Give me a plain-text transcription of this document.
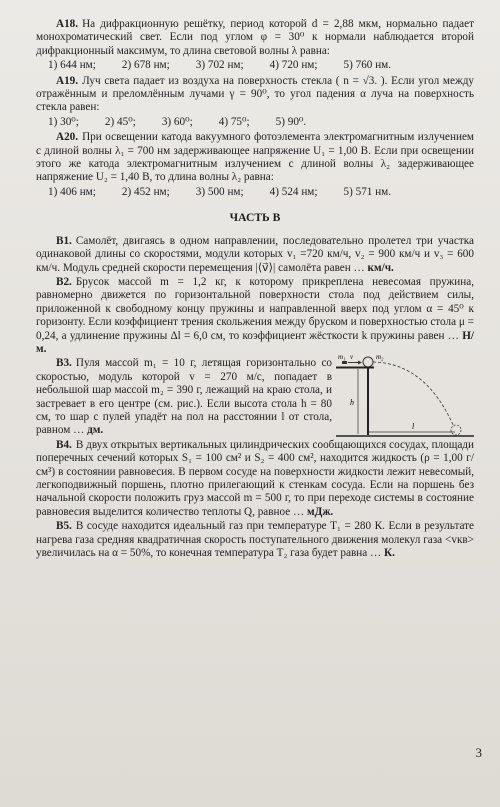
A18. На дифракционную решётку, период которой d = 2,88 мкм, нормально падает монохроматический свет. Если под углом φ = 30⁰ к нормали наблюдается второй дифракционный максимум, то длина световой волны λ равна:

1) 644 нм; 2) 678 нм; 3) 702 нм; 4) 720 нм; 5) 760 нм.

A19. Луч света падает из воздуха на поверхность стекла ( n = √3. ). Если угол между отражённым и преломлённым лучами γ = 90⁰, то угол падения α луча на поверхность стекла равен:

1) 30⁰; 2) 45⁰; 3) 60⁰; 4) 75⁰; 5) 90⁰.

A20. При освещении катода вакуумного фотоэлемента электромагнитным излучением с длиной волны λ₁ = 700 нм задерживающее напряжение U₁ = 1,00 В. Если при освещении этого же катода электромагнитным излучением с длиной волны λ₂ задерживающее напряжение U₂ = 1,40 В, то длина волны λ₂ равна:

1) 406 нм; 2) 452 нм; 3) 500 нм; 4) 524 нм; 5) 571 нм.
ЧАСТЬ В

В1. Самолёт, двигаясь в одном направлении, последовательно пролетел три участка одинаковой длины со скоростями, модули которых v₁ =720 км/ч, v₂ = 900 км/ч и v₃ = 600 км/ч. Модуль средней скорости перемещения |⟨v⃗⟩| самолёта равен … км/ч.

В2. Брусок массой m = 1,2 кг, к которому прикреплена невесомая пружина, равномерно движется по горизонтальной поверхности стола под действием силы, приложенной к свободному концу пружины и направленной вверх под углом α = 45⁰ к горизонту. Если коэффициент трения скольжения между бруском и поверхностью стола μ = 0,24, а удлинение пружины Δl = 6,0 см, то коэффициент жёсткости k пружины равен … Н/м.

В3. Пуля массой m₁ = 10 г, летящая горизонтально со скоростью, модуль которой v = 270 м/с, попадает в небольшой шар массой m₂ = 390 г, лежащий на краю стола, и застревает в его центре (см. рис.). Если высота стола h = 80 см, то шар с пулей упадёт на пол на расстоянии l от стола, равном … дм.

m₁ v⃗ m₂
h
l

В4. В двух открытых вертикальных цилиндрических сообщающихся сосудах, площади поперечных сечений которых S₁ = 100 см² и S₂ = 400 см², находится жидкость (ρ = 1,00 г/см³) в состоянии равновесия. В первом сосуде на поверхности жидкости лежит невесомый, легкоподвижный поршень, плотно прилегающий к стенкам сосуда. Если на поршень без начальной скорости положить груз массой m = 500 г, то при переходе системы в состояние равновесия выделится количество теплоты Q, равное … мДж.

В5. В сосуде находится идеальный газ при температуре T₁ = 280 К. Если в результате нагрева газа средняя квадратичная скорость поступательного движения молекул газа <vкв> увеличилась на α = 50%, то конечная температура T₂ газа будет равна … К.

3
